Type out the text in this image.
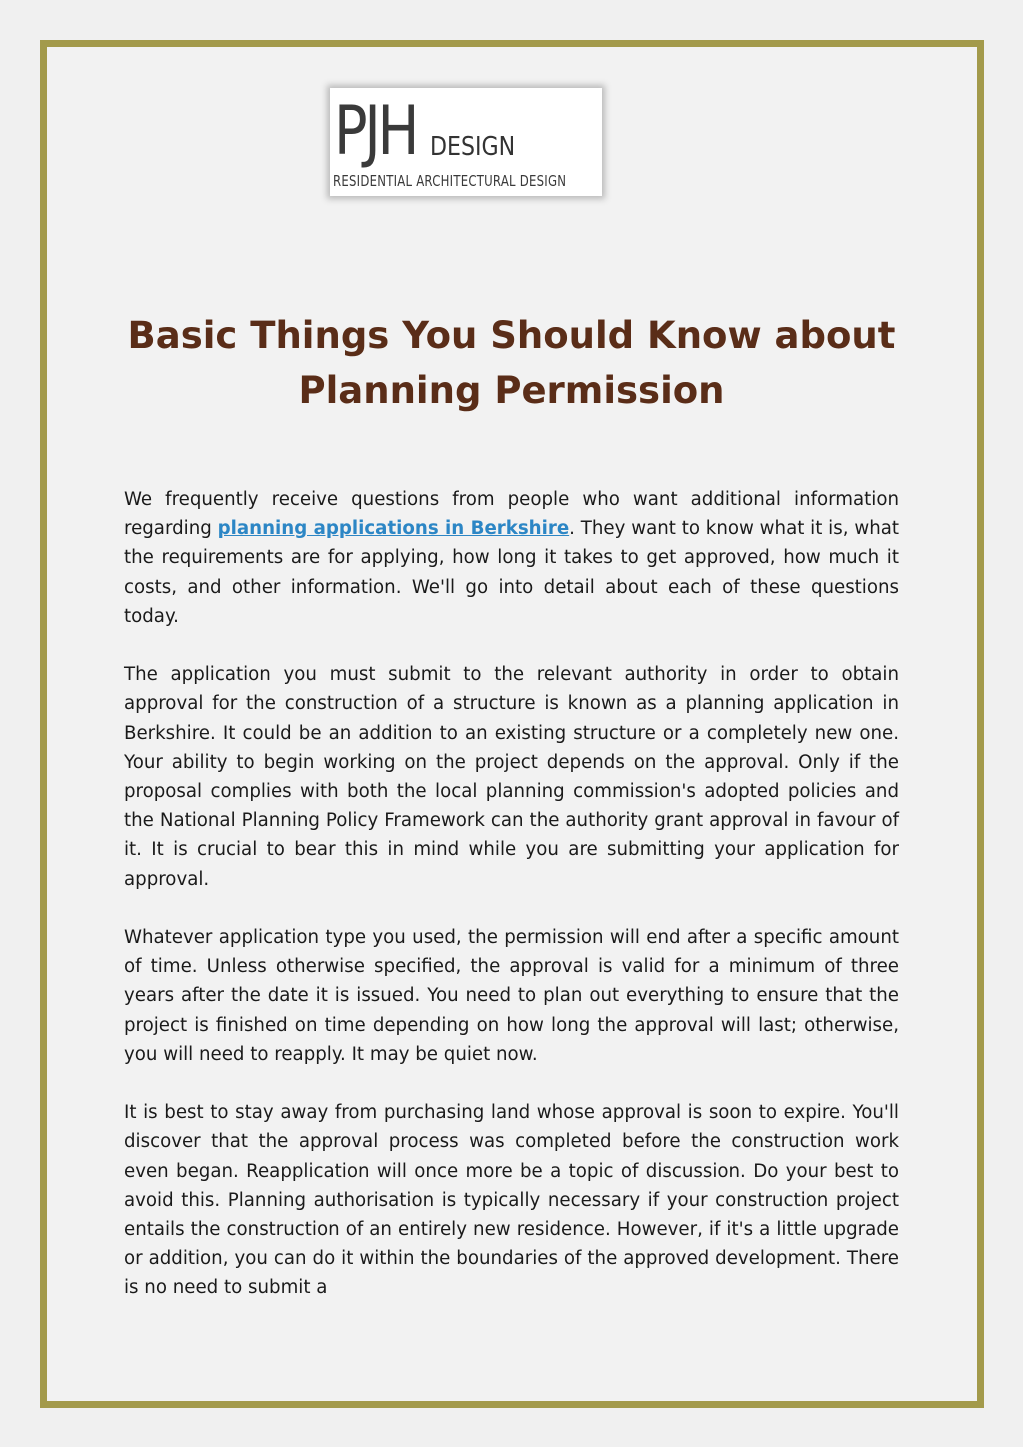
PJH DESIGN
RESIDENTIAL ARCHITECTURAL DESIGN
Basic Things You Should Know about Planning Permission

We frequently receive questions from people who want additional information regarding planning applications in Berkshire. They want to know what it is, what the requirements are for applying, how long it takes to get approved, how much it costs, and other information. We'll go into detail about each of these questions today.

The application you must submit to the relevant authority in order to obtain approval for the construction of a structure is known as a planning application in Berkshire. It could be an addition to an existing structure or a completely new one. Your ability to begin working on the project depends on the approval. Only if the proposal complies with both the local planning commission's adopted policies and the National Planning Policy Framework can the authority grant approval in favour of it. It is crucial to bear this in mind while you are submitting your application for approval.

Whatever application type you used, the permission will end after a specific amount of time. Unless otherwise specified, the approval is valid for a minimum of three years after the date it is issued. You need to plan out everything to ensure that the project is finished on time depending on how long the approval will last; otherwise, you will need to reapply. It may be quiet now.

It is best to stay away from purchasing land whose approval is soon to expire. You'll discover that the approval process was completed before the construction work even began. Reapplication will once more be a topic of discussion. Do your best to avoid this. Planning authorisation is typically necessary if your construction project entails the construction of an entirely new residence. However, if it's a little upgrade or addition, you can do it within the boundaries of the approved development. There is no need to submit a
